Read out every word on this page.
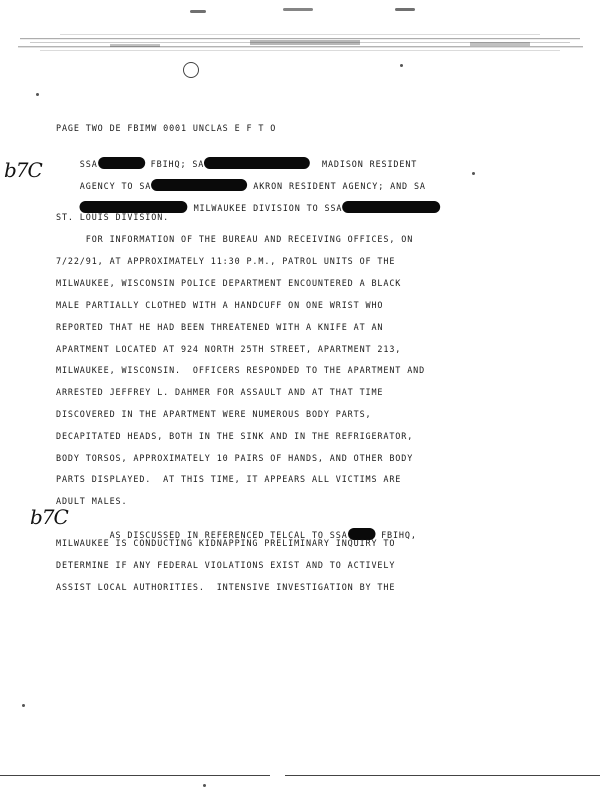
PAGE TWO DE FBIMW 0001 UNCLAS E F T O

SSA	FBIHQ; SA	MADISON RESIDENT

b7C

AGENCY TO SA	AKRON RESIDENT AGENCY; AND SA

MILWAUKEE DIVISION TO SSA

ST. LOUIS DIVISION.
FOR INFORMATION OF THE BUREAU AND RECEIVING OFFICES, ON
7/22/91, AT APPROXIMATELY 11:30 P.M., PATROL UNITS OF THE
MILWAUKEE, WISCONSIN POLICE DEPARTMENT ENCOUNTERED A BLACK
MALE PARTIALLY CLOTHED WITH A HANDCUFF ON ONE WRIST WHO
REPORTED THAT HE HAD BEEN THREATENED WITH A KNIFE AT AN
APARTMENT LOCATED AT 924 NORTH 25TH STREET, APARTMENT 213,
MILWAUKEE, WISCONSIN.  OFFICERS RESPONDED TO THE APARTMENT AND
ARRESTED JEFFREY L. DAHMER FOR ASSAULT AND AT THAT TIME
DISCOVERED IN THE APARTMENT WERE NUMEROUS BODY PARTS,
DECAPITATED HEADS, BOTH IN THE SINK AND IN THE REFRIGERATOR,
BODY TORSOS, APPROXIMATELY 10 PAIRS OF HANDS, AND OTHER BODY
PARTS DISPLAYED.  AT THIS TIME, IT APPEARS ALL VICTIMS ARE
ADULT MALES.
b7C

AS DISCUSSED IN REFERENCED TELCAL TO SSA	FBIHQ,

MILWAUKEE IS CONDUCTING KIDNAPPING PRELIMINARY INQUIRY TO
DETERMINE IF ANY FEDERAL VIOLATIONS EXIST AND TO ACTIVELY
ASSIST LOCAL AUTHORITIES.  INTENSIVE INVESTIGATION BY THE
